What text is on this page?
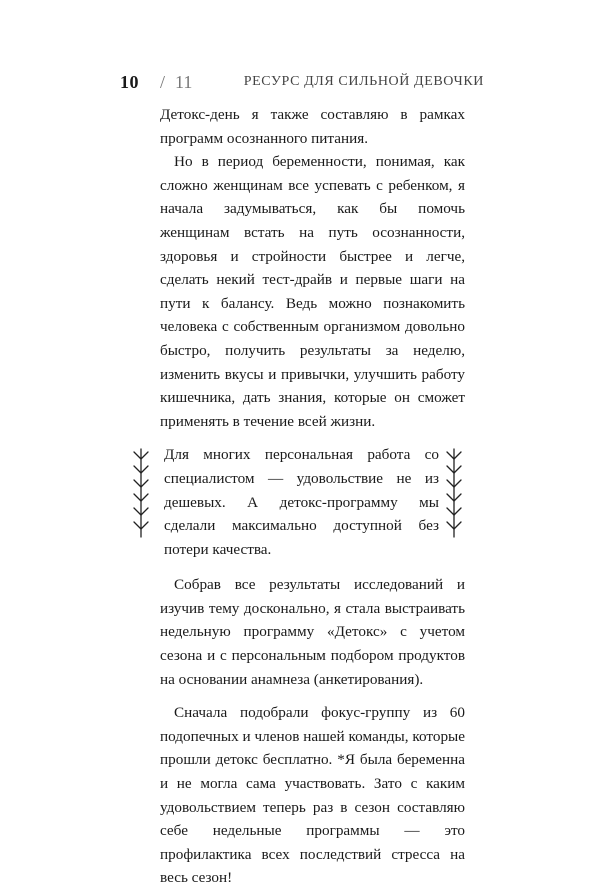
10 / 11	РЕСУРС ДЛЯ СИЛЬНОЙ ДЕВОЧКИ

Детокс-день я также составляю в рамках программ осознанного питания.

Но в период беременности, понимая, как сложно женщинам все успевать с ребенком, я начала задумываться, как бы помочь женщинам встать на путь осознанности, здоровья и стройности быстрее и легче, сделать некий тест-драйв и первые шаги на пути к балансу. Ведь можно познакомить человека с собственным организмом довольно быстро, получить результаты за неделю, изменить вкусы и привычки, улучшить работу кишечника, дать знания, которые он сможет применять в течение всей жизни.

Для многих персональная работа со специалистом — удовольствие не из дешевых. А детокс-программу мы сделали максимально доступной без потери качества.

Собрав все результаты исследований и изучив тему досконально, я стала выстраивать недельную программу «Детокс» с учетом сезона и с персональным подбором продуктов на основании анамнеза (анкетирования).

Сначала подобрали фокус-группу из 60 подопечных и членов нашей команды, которые прошли детокс бесплатно. *Я была беременна и не могла сама участвовать. Зато с каким удовольствием теперь раз в сезон составляю себе недельные программы — это профилактика всех последствий стресса на весь сезон!
